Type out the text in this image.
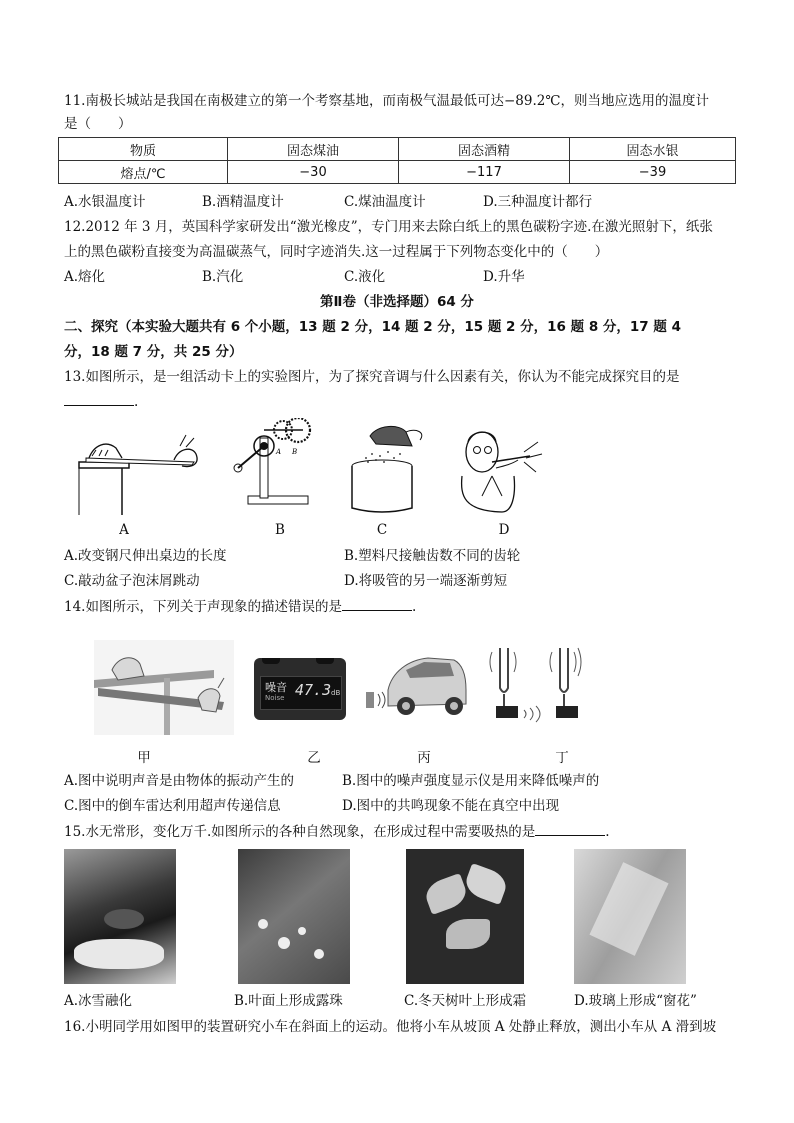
11.南极长城站是我国在南极建立的第一个考察基地，而南极气温最低可达−89.2℃，则当地应选用的温度计
是（　　）
物质	固态煤油	固态酒精	固态水银
熔点/℃	−30	−117	−39
A.水银温度计	B.酒精温度计	C.煤油温度计	D.三种温度计都行
12.2012 年 3 月，英国科学家研发出“激光橡皮”，专门用来去除白纸上的黑色碳粉字迹.在激光照射下，纸张
上的黑色碳粉直接变为高温碳蒸气，同时字迹消失.这一过程属于下列物态变化中的（　　）
A.熔化	B.汽化	C.液化	D.升华
第Ⅱ卷（非选择题）64 分
二、探究（本实验大题共有 6 个小题，13 题 2 分，14 题 2 分，15 题 2 分，16 题 8 分，17 题 4
分，18 题 7 分，共 25 分）
13.如图所示，是一组活动卡上的实验图片，为了探究音调与什么因素有关，你认为不能完成探究目的是
.
A B
A	B	C	D
A.改变钢尺伸出桌边的长度	B.塑料尺接触齿数不同的齿轮
C.敲动盆子泡沫屑跳动	D.将吸管的另一端逐渐剪短
14.如图所示，下列关于声现象的描述错误的是	.
噪音
Noise 47.3 dB
甲	乙	丙	丁
A.图中说明声音是由物体的振动产生的	B.图中的噪声强度显示仪是用来降低噪声的
C.图中的倒车雷达利用超声传递信息	D.图中的共鸣现象不能在真空中出现
15.水无常形，变化万千.如图所示的各种自然现象，在形成过程中需要吸热的是	.
A.冰雪融化	B.叶面上形成露珠	C.冬天树叶上形成霜	D.玻璃上形成“窗花”
16.小明同学用如图甲的装置研究小车在斜面上的运动。他将小车从坡顶 A 处静止释放，测出小车从 A 滑到坡
